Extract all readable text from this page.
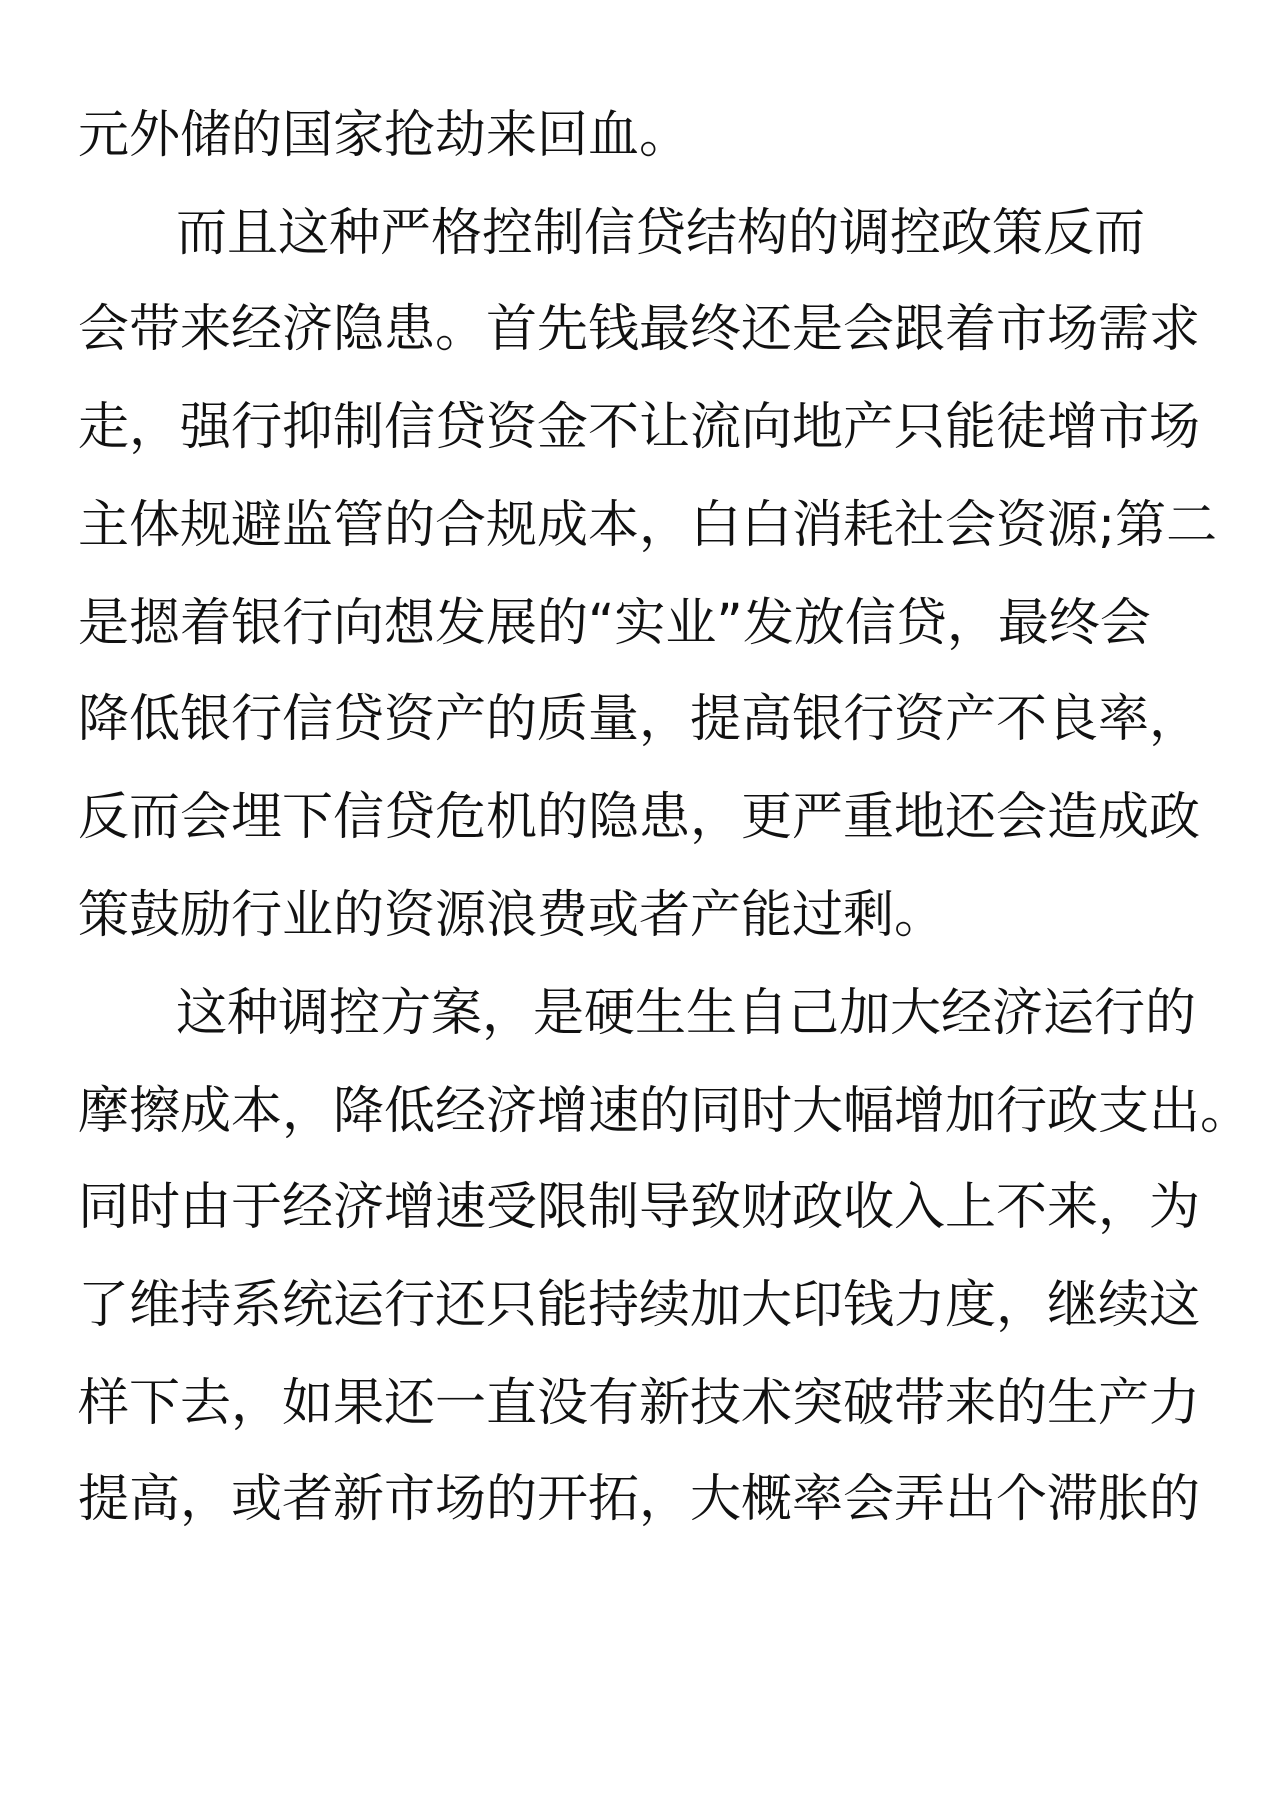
元外储的国家抢劫来回血。
而且这种严格控制信贷结构的调控政策反而
会带来经济隐患。首先钱最终还是会跟着市场需求
走，强行抑制信贷资金不让流向地产只能徒增市场
主体规避监管的合规成本，白白消耗社会资源;第二
是摁着银行向想发展的“实业”发放信贷，最终会
降低银行信贷资产的质量，提高银行资产不良率，
反而会埋下信贷危机的隐患，更严重地还会造成政
策鼓励行业的资源浪费或者产能过剩。
这种调控方案，是硬生生自己加大经济运行的
摩擦成本，降低经济增速的同时大幅增加行政支出。
同时由于经济增速受限制导致财政收入上不来，为
了维持系统运行还只能持续加大印钱力度，继续这
样下去，如果还一直没有新技术突破带来的生产力
提高，或者新市场的开拓，大概率会弄出个滞胀的
